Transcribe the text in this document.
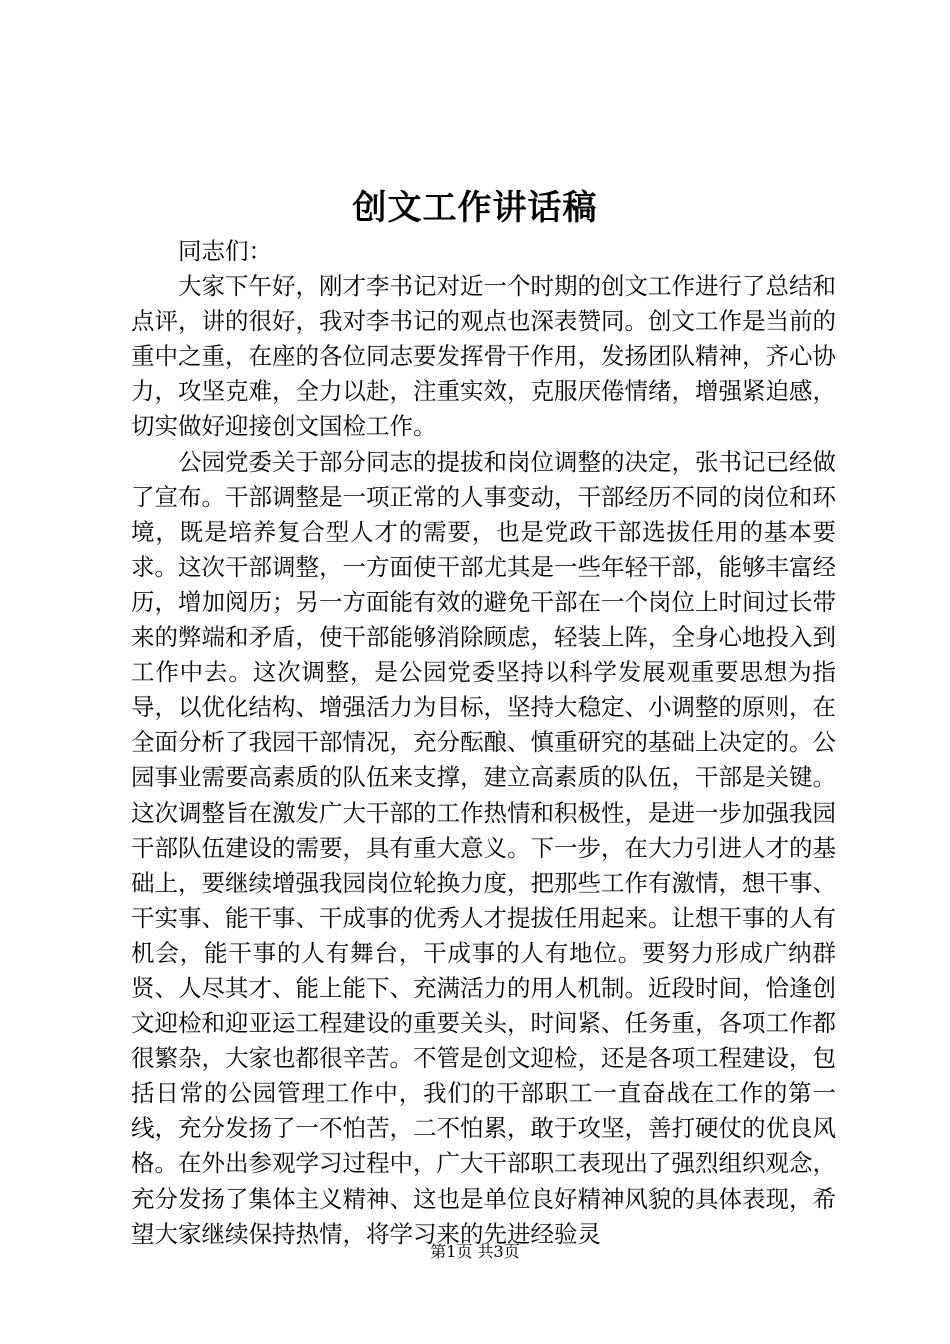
创文工作讲话稿

同志们：

大家下午好，刚才李书记对近一个时期的创文工作进行了总结和点评，讲的很好，我对李书记的观点也深表赞同。创文工作是当前的重中之重，在座的各位同志要发挥骨干作用，发扬团队精神，齐心协力，攻坚克难，全力以赴，注重实效，克服厌倦情绪，增强紧迫感，切实做好迎接创文国检工作。

公园党委关于部分同志的提拔和岗位调整的决定，张书记已经做了宣布。干部调整是一项正常的人事变动，干部经历不同的岗位和环境，既是培养复合型人才的需要，也是党政干部选拔任用的基本要求。这次干部调整，一方面使干部尤其是一些年轻干部，能够丰富经历，增加阅历；另一方面能有效的避免干部在一个岗位上时间过长带来的弊端和矛盾，使干部能够消除顾虑，轻装上阵，全身心地投入到工作中去。这次调整，是公园党委坚持以科学发展观重要思想为指导，以优化结构、增强活力为目标，坚持大稳定、小调整的原则，在全面分析了我园干部情况，充分酝酿、慎重研究的基础上决定的。公园事业需要高素质的队伍来支撑，建立高素质的队伍，干部是关键。这次调整旨在激发广大干部的工作热情和积极性，是进一步加强我园干部队伍建设的需要，具有重大意义。下一步，在大力引进人才的基础上，要继续增强我园岗位轮换力度，把那些工作有激情，想干事、干实事、能干事、干成事的优秀人才提拔任用起来。让想干事的人有机会，能干事的人有舞台，干成事的人有地位。要努力形成广纳群贤、人尽其才、能上能下、充满活力的用人机制。近段时间，恰逢创文迎检和迎亚运工程建设的重要关头，时间紧、任务重，各项工作都很繁杂，大家也都很辛苦。不管是创文迎检，还是各项工程建设，包括日常的公园管理工作中，我们的干部职工一直奋战在工作的第一线，充分发扬了一不怕苦，二不怕累，敢于攻坚，善打硬仗的优良风格。在外出参观学习过程中，广大干部职工表现出了强烈组织观念，充分发扬了集体主义精神、这也是单位良好精神风貌的具体表现，希望大家继续保持热情，将学习来的先进经验灵

第1页 共3页
